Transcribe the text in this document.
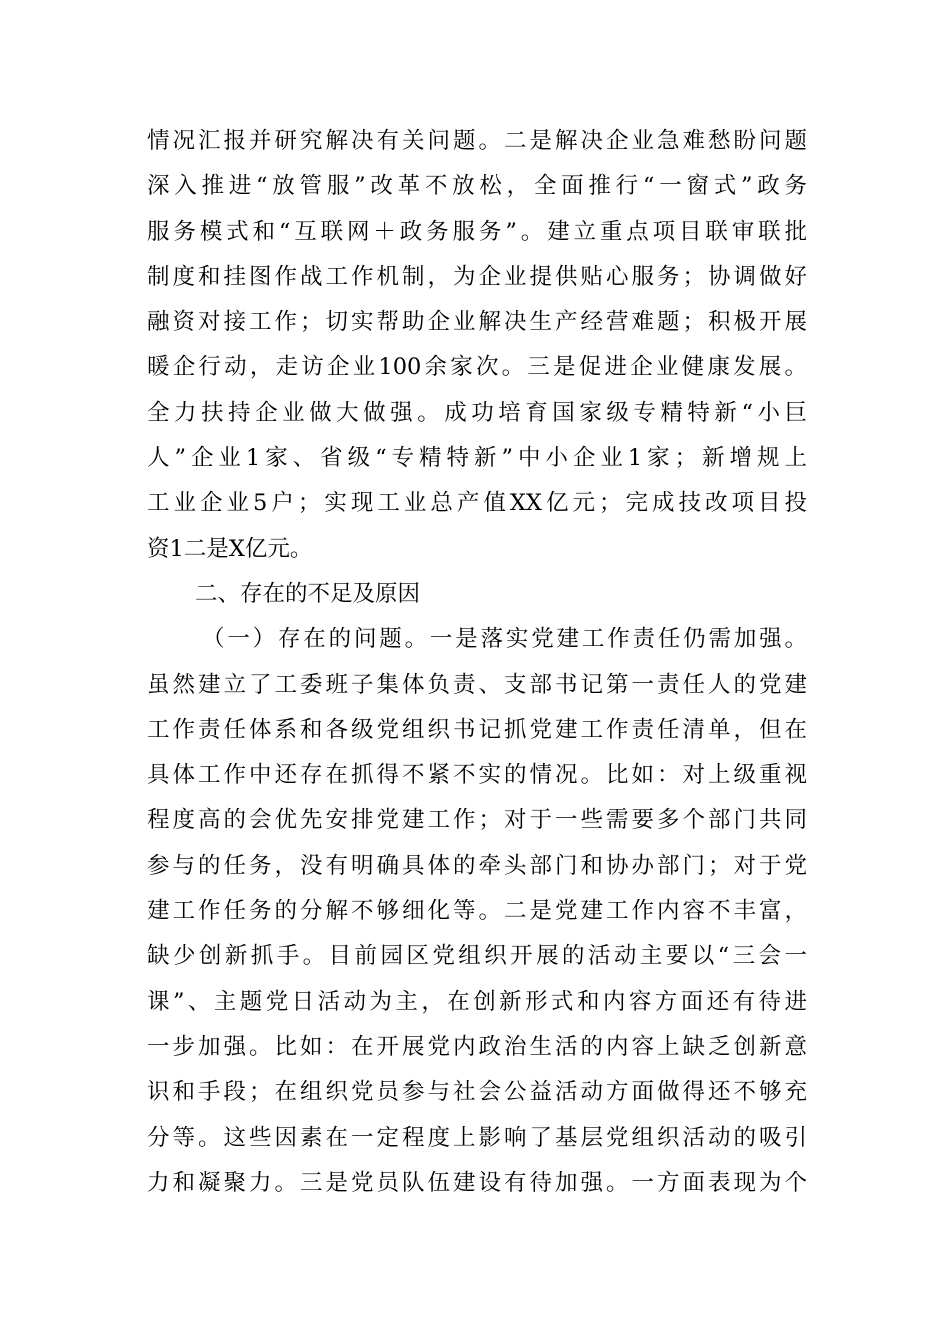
情况汇报并研究解决有关问题。二是解决企业急难愁盼问题
深入推进“放管服”改革不放松，全面推行“一窗式”政务
服务模式和“互联网＋政务服务”。建立重点项目联审联批
制度和挂图作战工作机制，为企业提供贴心服务；协调做好
融资对接工作；切实帮助企业解决生产经营难题；积极开展
暖企行动，走访企业100余家次。三是促进企业健康发展。
全力扶持企业做大做强。成功培育国家级专精特新“小巨
人”企业1家、省级“专精特新”中小企业1家；新增规上
工业企业5户；实现工业总产值XX亿元；完成技改项目投
资1二是X亿元。
二、存在的不足及原因
（一）存在的问题。一是落实党建工作责任仍需加强。
虽然建立了工委班子集体负责、支部书记第一责任人的党建
工作责任体系和各级党组织书记抓党建工作责任清单，但在
具体工作中还存在抓得不紧不实的情况。比如：对上级重视
程度高的会优先安排党建工作；对于一些需要多个部门共同
参与的任务，没有明确具体的牵头部门和协办部门；对于党
建工作任务的分解不够细化等。二是党建工作内容不丰富，
缺少创新抓手。目前园区党组织开展的活动主要以“三会一
课”、主题党日活动为主，在创新形式和内容方面还有待进
一步加强。比如：在开展党内政治生活的内容上缺乏创新意
识和手段；在组织党员参与社会公益活动方面做得还不够充
分等。这些因素在一定程度上影响了基层党组织活动的吸引
力和凝聚力。三是党员队伍建设有待加强。一方面表现为个
